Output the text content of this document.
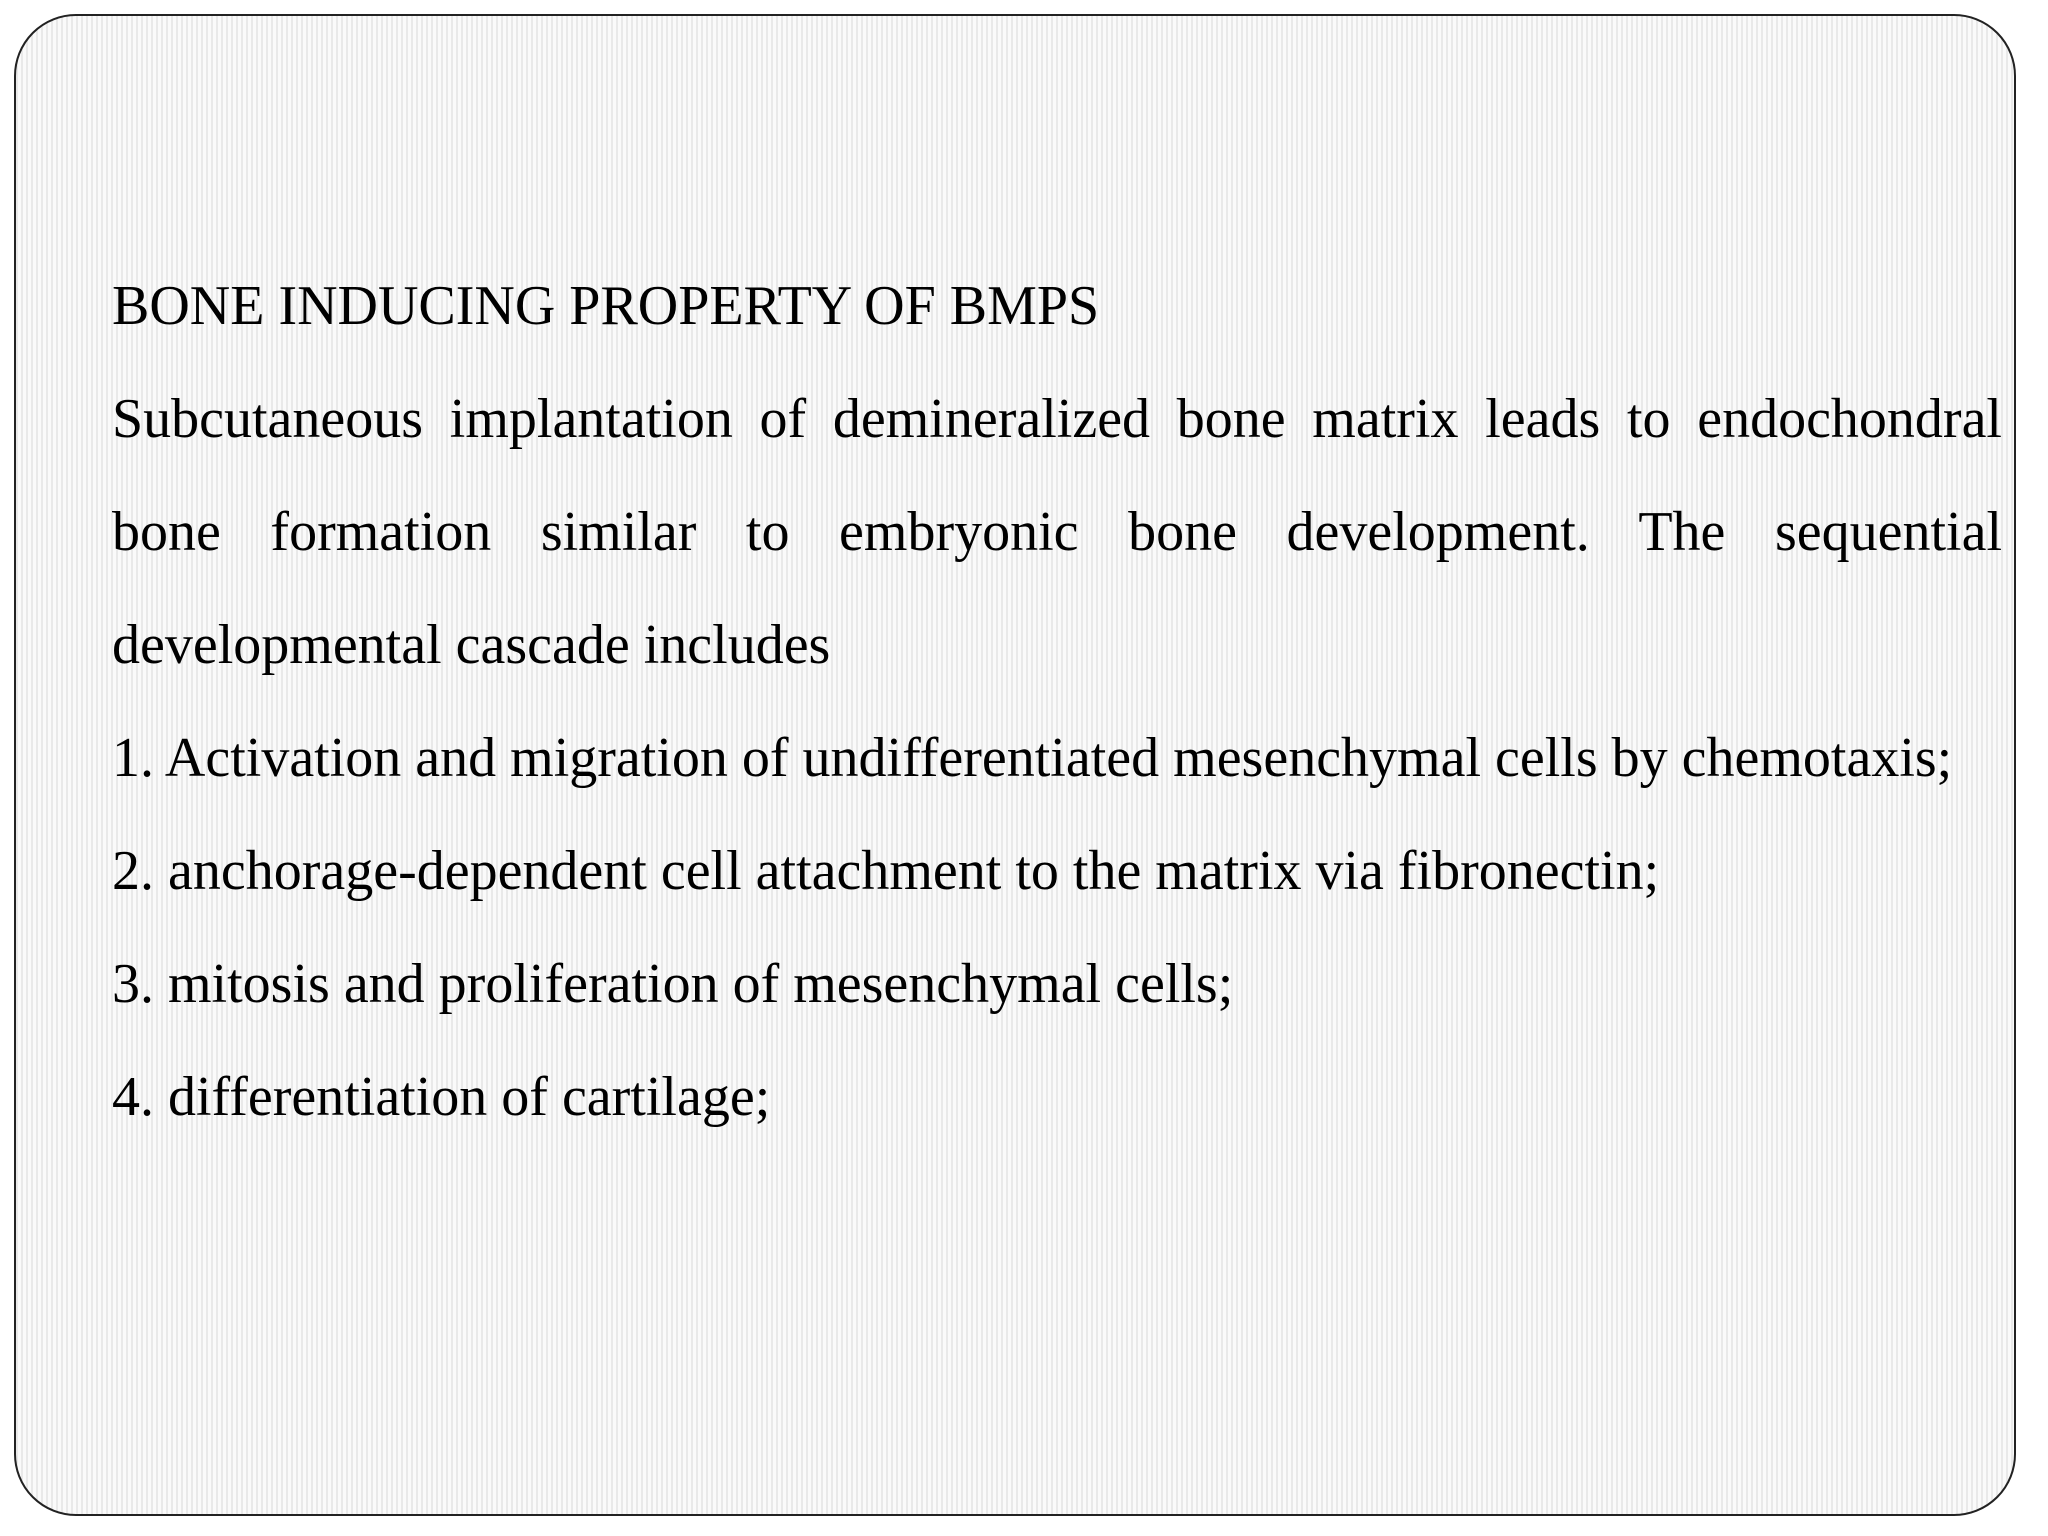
BONE INDUCING PROPERTY OF BMPS

Subcutaneous implantation of demineralized bone matrix leads to endochondral bone formation similar to embryonic bone development. The sequential developmental cascade includes

1. Activation and migration of undifferentiated mesenchymal cells by chemotaxis;

2. anchorage-dependent cell attachment to the matrix via fibronectin;

3. mitosis and proliferation of mesenchymal cells;

4. differentiation of cartilage;
